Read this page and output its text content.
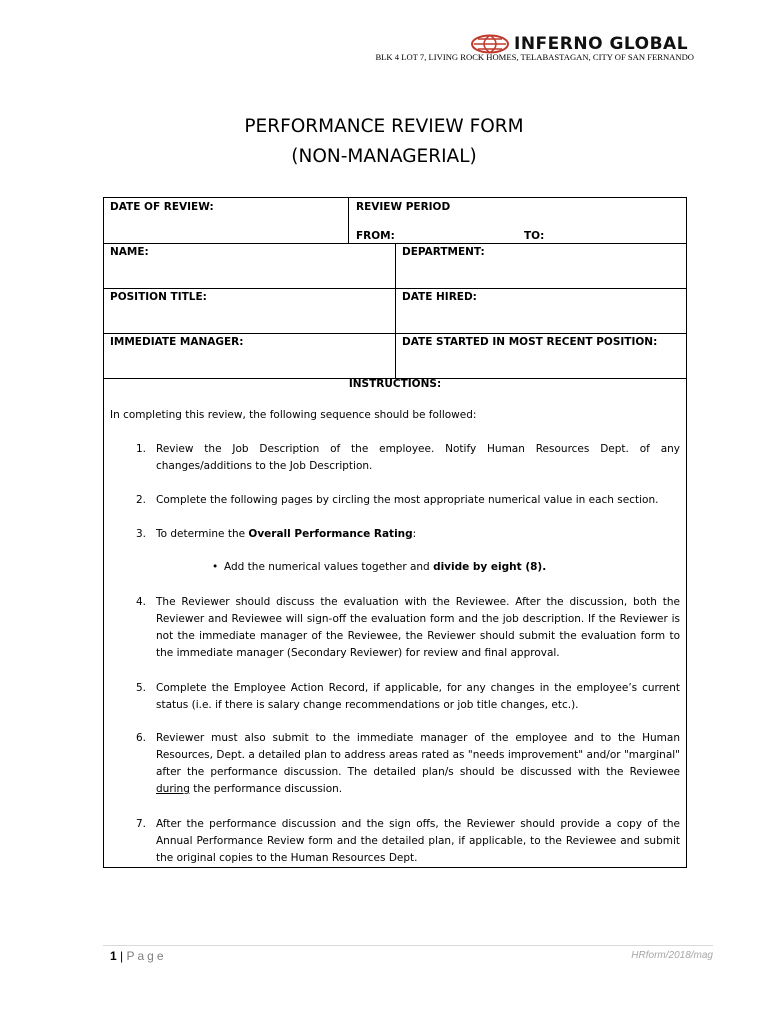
INFERNO GLOBAL
BLK 4 LOT 7, LIVING ROCK HOMES, TELABASTAGAN, CITY OF SAN FERNANDO
PERFORMANCE REVIEW FORM
(NON-MANAGERIAL)
DATE OF REVIEW:	REVIEW PERIOD
FROM:	TO:
NAME:	DEPARTMENT:
POSITION TITLE:	DATE HIRED:
IMMEDIATE MANAGER:	DATE STARTED IN MOST RECENT POSITION:
INSTRUCTIONS:
In completing this review, the following sequence should be followed:
1. Review the Job Description of the employee. Notify Human Resources Dept. of any changes/additions to the Job Description.
2. Complete the following pages by circling the most appropriate numerical value in each section.
3. To determine the Overall Performance Rating:
• Add the numerical values together and divide by eight (8).
4. The Reviewer should discuss the evaluation with the Reviewee. After the discussion, both the Reviewer and Reviewee will sign-off the evaluation form and the job description. If the Reviewer is not the immediate manager of the Reviewee, the Reviewer should submit the evaluation form to the immediate manager (Secondary Reviewer) for review and final approval.
5. Complete the Employee Action Record, if applicable, for any changes in the employee’s current status (i.e. if there is salary change recommendations or job title changes, etc.).
6. Reviewer must also submit to the immediate manager of the employee and to the Human Resources, Dept. a detailed plan to address areas rated as "needs improvement" and/or "marginal" after the performance discussion. The detailed plan/s should be discussed with the Reviewee during the performance discussion.
7. After the performance discussion and the sign offs, the Reviewer should provide a copy of the Annual Performance Review form and the detailed plan, if applicable, to the Reviewee and submit the original copies to the Human Resources Dept.
1 | Page	HRform/2018/mag
